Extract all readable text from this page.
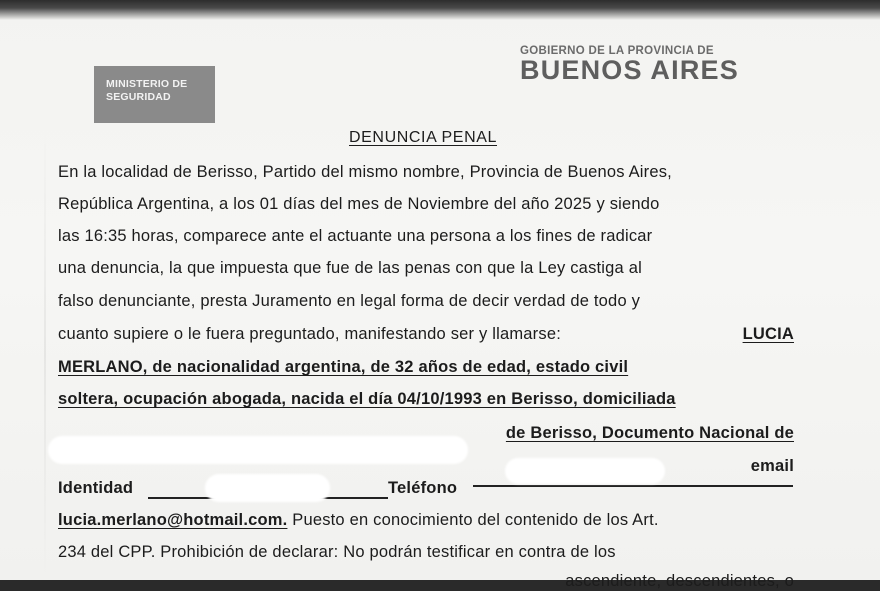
MINISTERIO DE
SEGURIDAD
GOBIERNO DE LA PROVINCIA DE
BUENOS AIRES
DENUNCIA PENAL
En la localidad de Berisso, Partido del mismo nombre, Provincia de Buenos Aires,
República Argentina, a los 01 días del mes de Noviembre del año 2025 y siendo
las 16:35 horas, comparece ante el actuante una persona a los fines de radicar
una denuncia, la que impuesta que fue de las penas con que la Ley castiga al
falso denunciante, presta Juramento en legal forma de decir verdad de todo y
cuanto supiere o le fuera preguntado, manifestando ser y llamarse:	LUCIA
MERLANO, de nacionalidad argentina, de 32 años de edad, estado civil
soltera, ocupación abogada, nacida el día 04/10/1993 en Berisso, domiciliada
de Berisso, Documento Nacional de
email
Identidad	Teléfono
lucia.merlano@hotmail.com. Puesto en conocimiento del contenido de los Art.
234 del CPP. Prohibición de declarar: No podrán testificar en contra de los
ascendiente, descendientes, o
